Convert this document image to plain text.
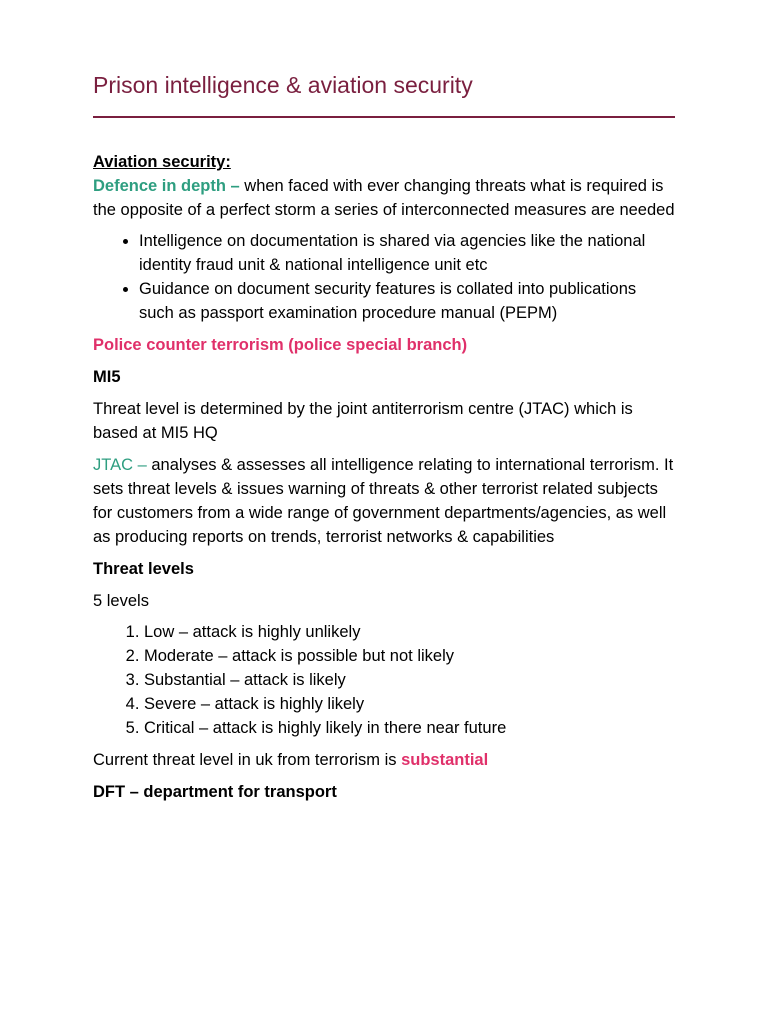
Prison intelligence & aviation security

Aviation security:

Defence in depth – when faced with ever changing threats what is required is the opposite of a perfect storm a series of interconnected measures are needed

• Intelligence on documentation is shared via agencies like the national identity fraud unit & national intelligence unit etc
• Guidance on document security features is collated into publications such as passport examination procedure manual (PEPM)

Police counter terrorism (police special branch)

MI5

Threat level is determined by the joint antiterrorism centre (JTAC) which is based at MI5 HQ

JTAC – analyses & assesses all intelligence relating to international terrorism. It sets threat levels & issues warning of threats & other terrorist related subjects for customers from a wide range of government departments/agencies, as well as producing reports on trends, terrorist networks & capabilities

Threat levels

5 levels

1. Low – attack is highly unlikely
2. Moderate – attack is possible but not likely
3. Substantial – attack is likely
4. Severe – attack is highly likely
5. Critical – attack is highly likely in there near future

Current threat level in uk from terrorism is substantial

DFT – department for transport
